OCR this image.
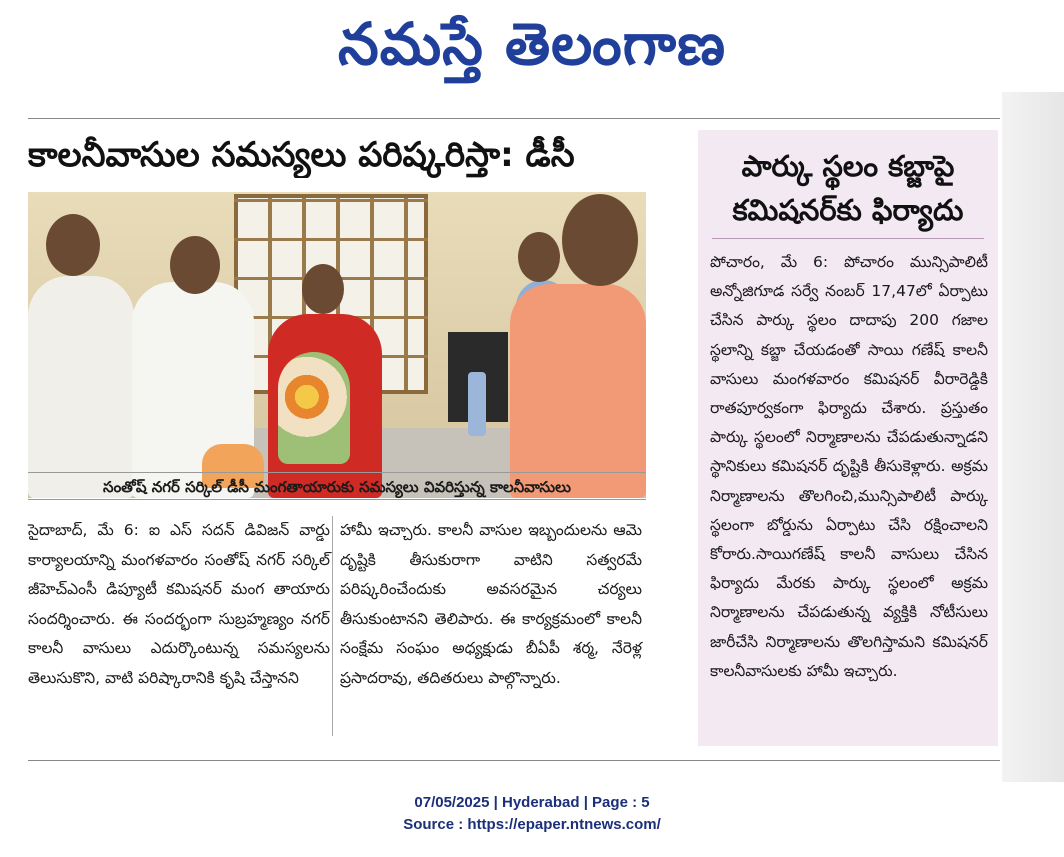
నమస్తే తెలంగాణ
కాలనీవాసుల సమస్యలు పరిష్కరిస్తా: డీసీ
సంతోష్ నగర్ సర్కిల్ డీసీ మంగతాయారుకు సమస్యలు వివరిస్తున్న కాలనీవాసులు
సైదాబాద్, మే 6: ఐ ఎస్ సదన్ డివిజన్ వార్డు కార్యాలయాన్ని మంగళవారం సంతోష్ నగర్ సర్కిల్ జీహెచ్ఎంసీ డిప్యూటీ కమిషనర్ మంగ తాయారు సందర్శించారు. ఈ సందర్భంగా సుబ్రహ్మణ్యం నగర్ కాలనీ వాసులు ఎదుర్కొంటున్న సమస్యలను తెలుసుకొని, వాటి పరిష్కారానికి కృషి చేస్తానని
హామీ ఇచ్చారు. కాలనీ వాసుల ఇబ్బందులను ఆమె దృష్టికి తీసుకురాగా వాటిని సత్వరమే పరిష్కరించేందుకు అవసరమైన చర్యలు తీసుకుంటానని తెలిపారు. ఈ కార్యక్రమంలో కాలనీ సంక్షేమ సంఘం అధ్యక్షుడు బీఏపీ శర్మ, నేరెళ్ల ప్రసాదరావు, తదితరులు పాల్గొన్నారు.
పార్కు స్థలం కబ్జాపై
కమిషనర్‌కు ఫిర్యాదు
పోచారం, మే 6: పోచారం మున్సిపాలిటీ అన్నోజిగూడ సర్వే నంబర్ 17,47లో ఏర్పాటు చేసిన పార్కు స్థలం దాదాపు 200 గజాల స్థలాన్ని కబ్జా చేయడంతో సాయి గణేష్ కాలనీ వాసులు మంగళవారం కమిషనర్ వీరారెడ్డికి రాతపూర్వకంగా ఫిర్యాదు చేశారు. ప్రస్తుతం పార్కు స్థలంలో నిర్మాణాలను చేపడుతున్నాడని స్థానికులు కమిషనర్ దృష్టికి తీసుకెళ్లారు. అక్రమ నిర్మాణాలను తొలగించి,మున్సిపాలిటీ పార్కు స్థలంగా బోర్డును ఏర్పాటు చేసి రక్షించాలని కోరారు.సాయిగణేష్ కాలనీ వాసులు చేసిన ఫిర్యాదు మేరకు పార్కు స్థలంలో అక్రమ నిర్మాణాలను చేపడుతున్న వ్యక్తికి నోటీసులు జారీచేసి నిర్మాణాలను తొలగిస్తామని కమిషనర్ కాలనీవాసులకు హామీ ఇచ్చారు.
07/05/2025 | Hyderabad | Page : 5
Source : https://epaper.ntnews.com/
